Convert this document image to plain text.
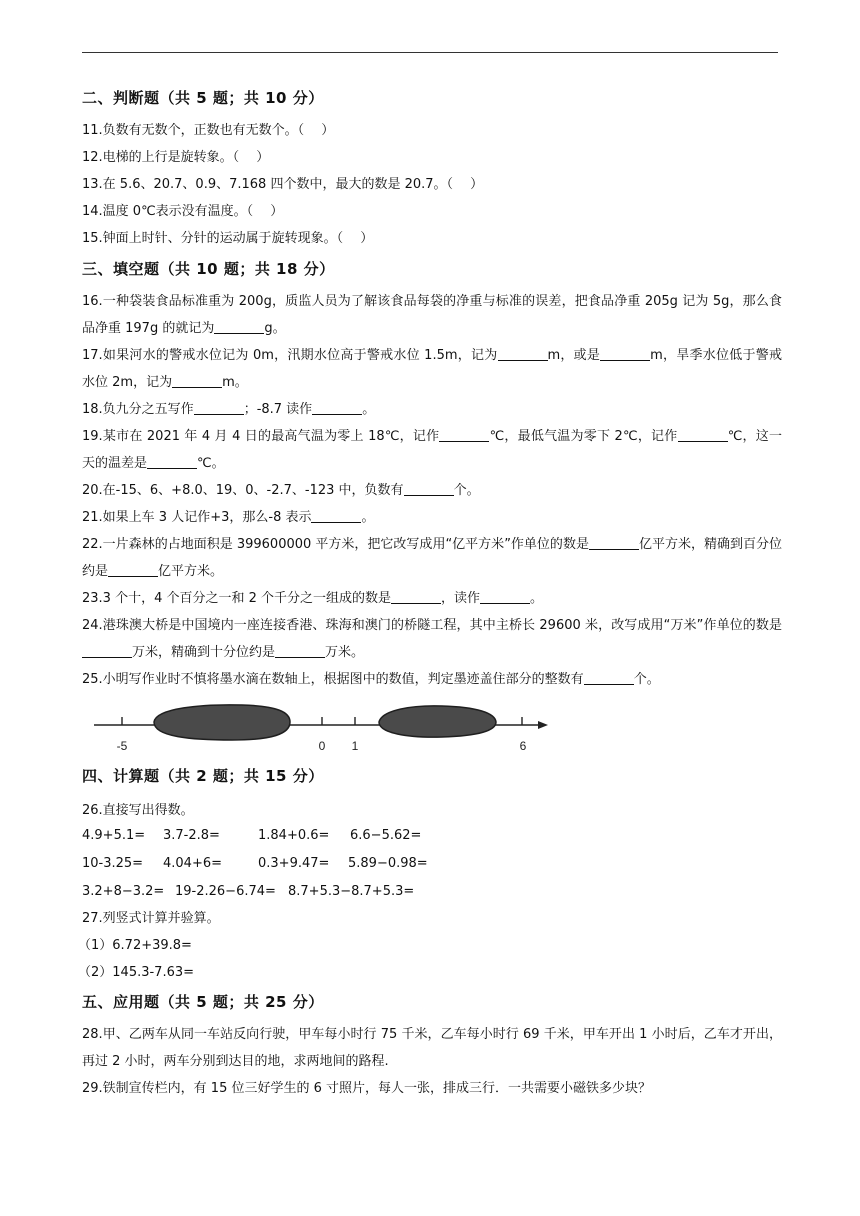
二、判断题（共 5 题；共 10 分）
11.负数有无数个，正数也有无数个。（　 ）
12.电梯的上行是旋转象。（　 ）
13.在 5.6、20.7、0.9、7.168 四个数中，最大的数是 20.7。（　 ）
14.温度 0℃表示没有温度。（　 ）
15.钟面上时针、分针的运动属于旋转现象。（　 ）
三、填空题（共 10 题；共 18 分）
16.一种袋装食品标准重为 200g，质监人员为了解该食品每袋的净重与标准的误差，把食品净重 205g 记为 5g，那么食品净重 197g 的就记为	g。
17.如果河水的警戒水位记为 0m，汛期水位高于警戒水位 1.5m，记为	m，或是	m，旱季水位低于警戒水位 2m，记为	m。
18.负九分之五写作	；-8.7 读作	。
19.某市在 2021 年 4 月 4 日的最高气温为零上 18℃，记作	℃，最低气温为零下 2℃，记作	℃，这一天的温差是	℃。
20.在-15、6、+8.0、19、0、-2.7、-123 中，负数有	个。
21.如果上车 3 人记作+3，那么-8 表示	。
22.一片森林的占地面积是 399600000 平方米，把它改写成用“亿平方米”作单位的数是	亿平方米，精确到百分位约是	亿平方米。
23.3 个十，4 个百分之一和 2 个千分之一组成的数是	，读作	。
24.港珠澳大桥是中国境内一座连接香港、珠海和澳门的桥隧工程，其中主桥长 29600 米，改写成用“万米”作单位的数是万米，精确到十分位约是	万米。
25.小明写作业时不慎将墨水滴在数轴上，根据图中的数值，判定墨迹盖住部分的整数有	个。
-5	0 1	6
四、计算题（共 2 题；共 15 分）
26.直接写出得数。
4.9+5.1= 3.7-2.8=	1.84+0.6= 6.6−5.62=
10-3.25= 4.04+6=	0.3+9.47= 5.89−0.98=
3.2+8−3.2= 19-2.26−6.74= 8.7+5.3−8.7+5.3=
27.列竖式计算并验算。
（1）6.72+39.8=
（2）145.3-7.63=
五、应用题（共 5 题；共 25 分）
28.甲、乙两车从同一车站反向行驶，甲车每小时行 75 千米，乙车每小时行 69 千米，甲车开出 1 小时后，乙车才开出，再过 2 小时，两车分别到达目的地，求两地间的路程.
29.铁制宣传栏内，有 15 位三好学生的 6 寸照片，每人一张，排成三行．一共需要小磁铁多少块？
